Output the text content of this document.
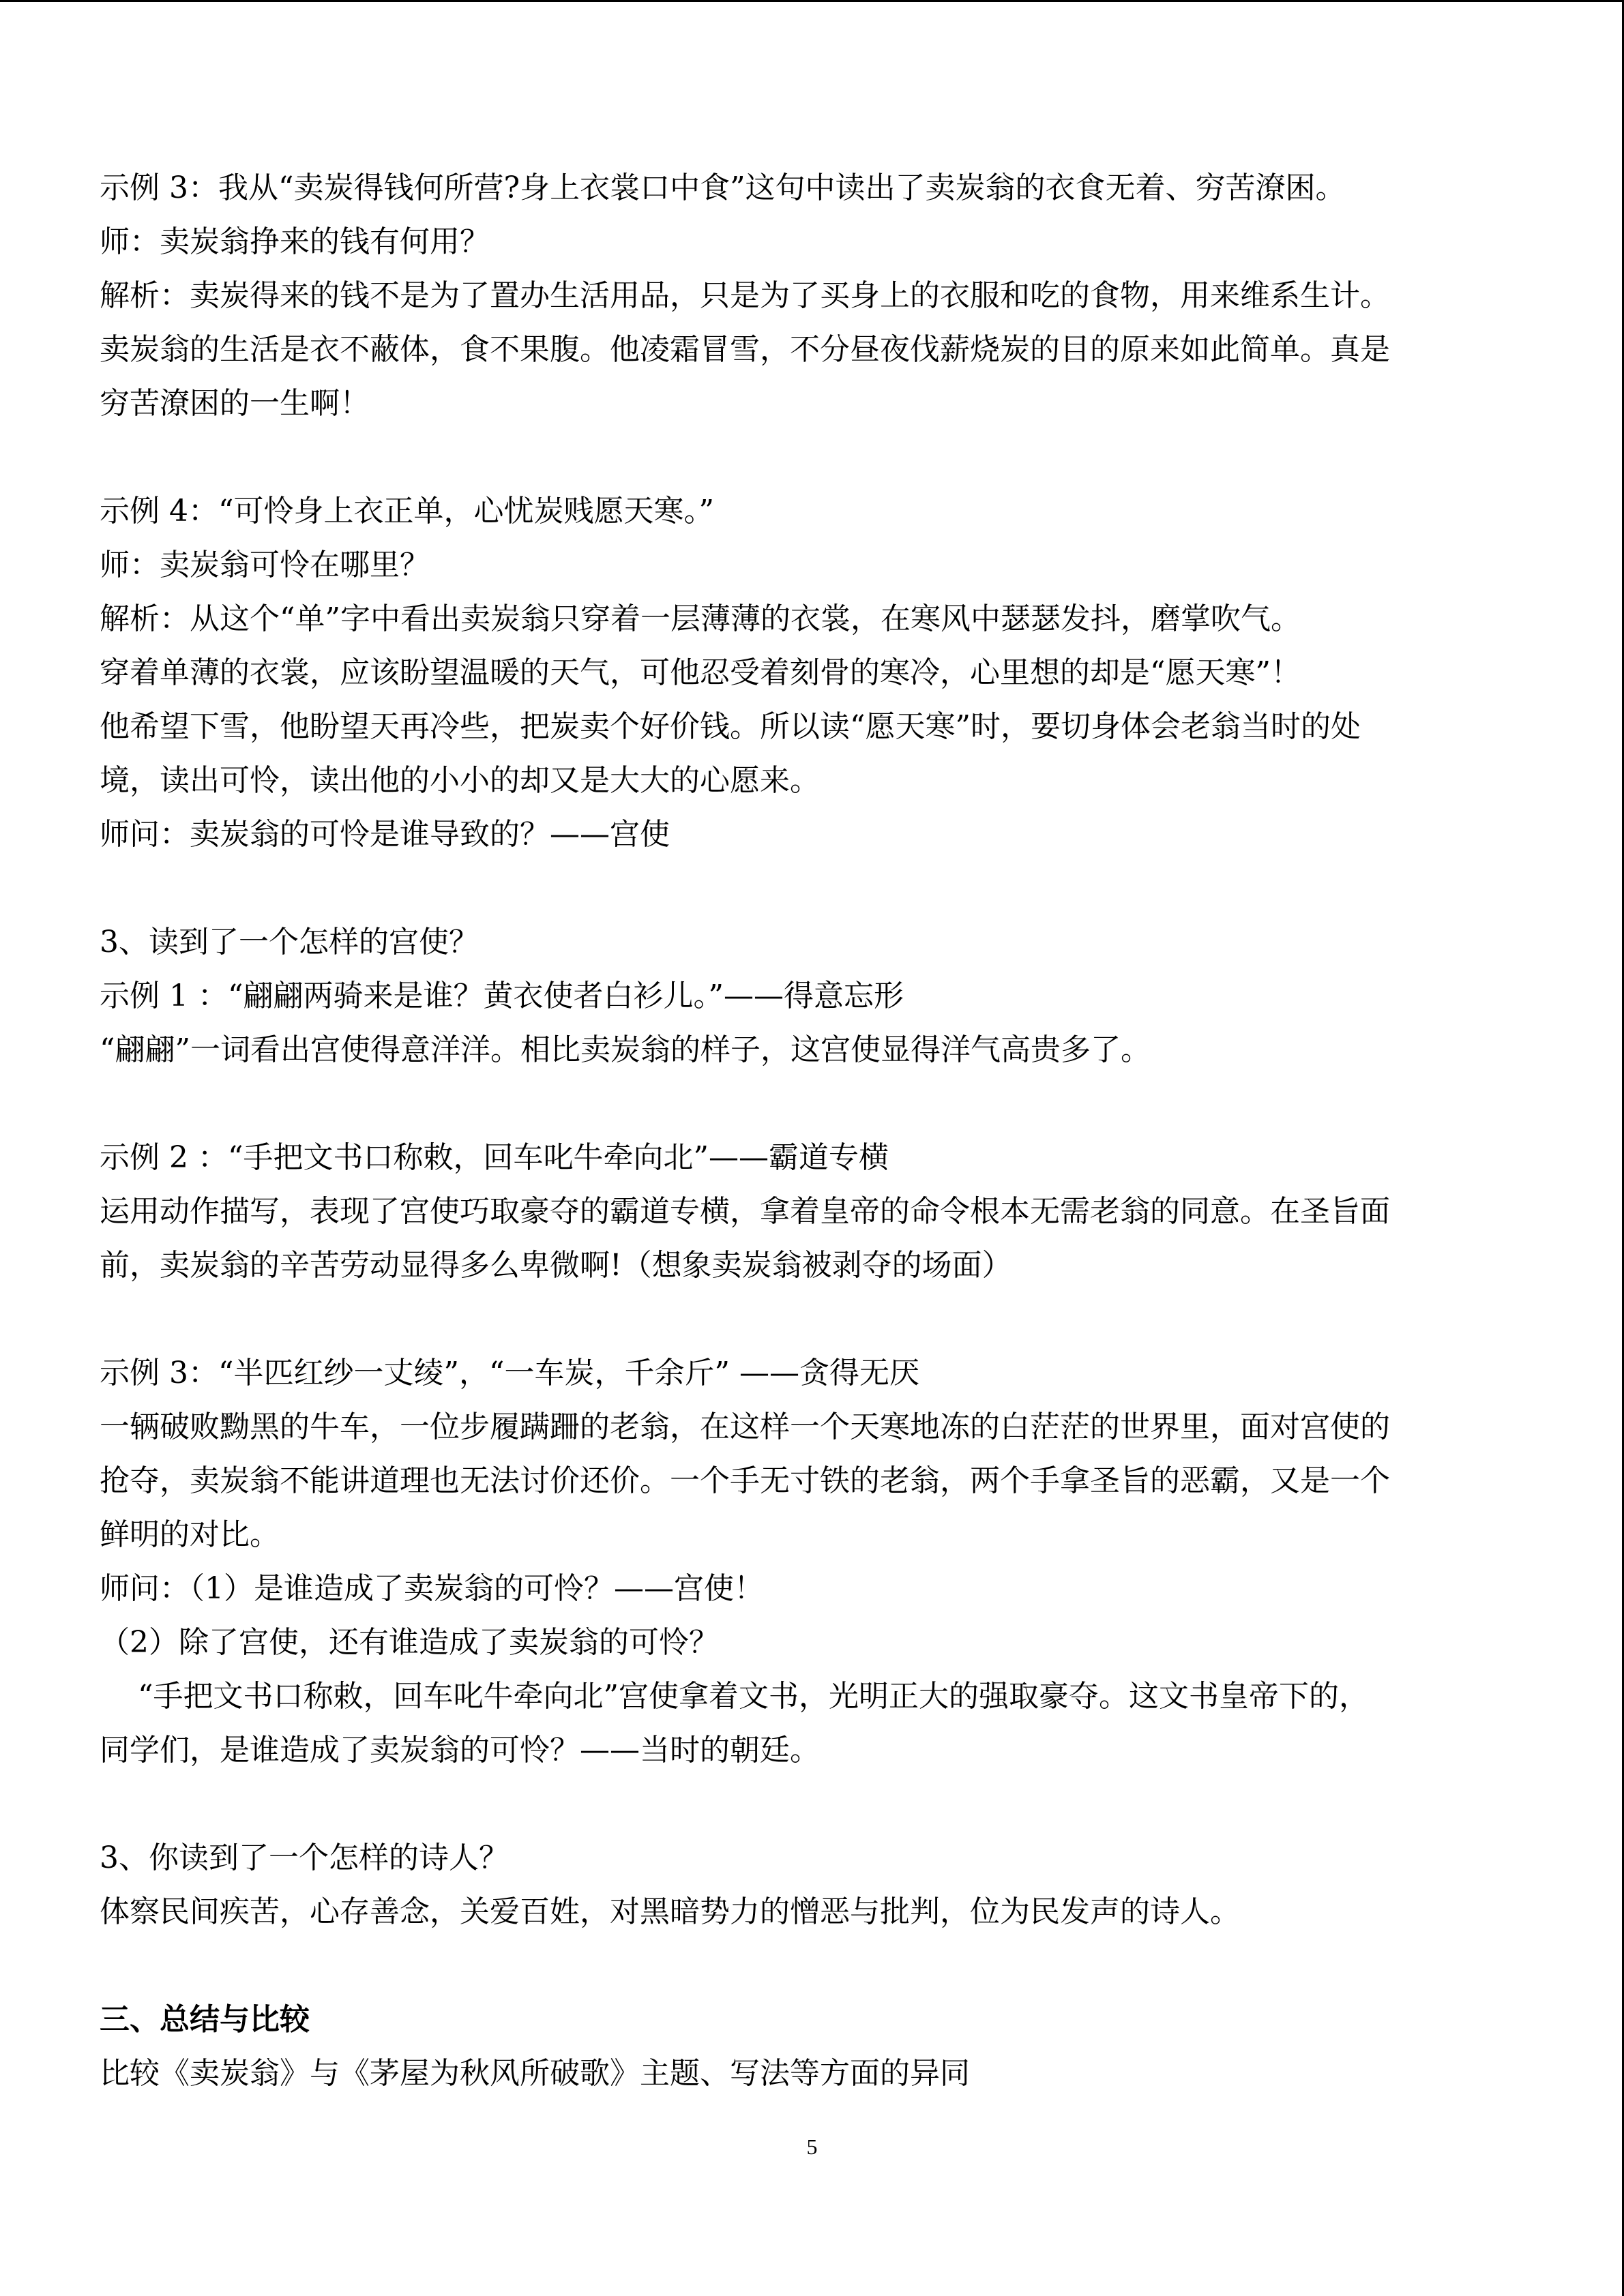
示例 3：我从“卖炭得钱何所营?身上衣裳口中食”这句中读出了卖炭翁的衣食无着、穷苦潦困。

师：卖炭翁挣来的钱有何用？

解析：卖炭得来的钱不是为了置办生活用品，只是为了买身上的衣服和吃的食物，用来维系生计。

卖炭翁的生活是衣不蔽体，食不果腹。他凌霜冒雪，不分昼夜伐薪烧炭的目的原来如此简单。真是

穷苦潦困的一生啊！

示例 4：“可怜身上衣正单，心忧炭贱愿天寒。”

师：卖炭翁可怜在哪里？

解析：从这个“单”字中看出卖炭翁只穿着一层薄薄的衣裳，在寒风中瑟瑟发抖，磨掌吹气。

穿着单薄的衣裳，应该盼望温暖的天气，可他忍受着刻骨的寒冷，心里想的却是“愿天寒”！

他希望下雪，他盼望天再冷些，把炭卖个好价钱。所以读“愿天寒”时，要切身体会老翁当时的处

境，读出可怜，读出他的小小的却又是大大的心愿来。

师问：卖炭翁的可怜是谁导致的？——宫使

3、读到了一个怎样的宫使？

示例 1 ：“翩翩两骑来是谁？黄衣使者白衫儿。”——得意忘形

“翩翩”一词看出宫使得意洋洋。相比卖炭翁的样子，这宫使显得洋气高贵多了。

示例 2 ：“手把文书口称敕，回车叱牛牵向北”——霸道专横

运用动作描写，表现了宫使巧取豪夺的霸道专横，拿着皇帝的命令根本无需老翁的同意。在圣旨面

前，卖炭翁的辛苦劳动显得多么卑微啊!（想象卖炭翁被剥夺的场面）

示例 3：“半匹红纱一丈绫”，“一车炭，千余斤” ——贪得无厌

一辆破败黝黑的牛车，一位步履蹒跚的老翁，在这样一个天寒地冻的白茫茫的世界里，面对宫使的

抢夺，卖炭翁不能讲道理也无法讨价还价。一个手无寸铁的老翁，两个手拿圣旨的恶霸，又是一个

鲜明的对比。

师问：（1）是谁造成了卖炭翁的可怜？——宫使！

（2）除了宫使，还有谁造成了卖炭翁的可怜？

“手把文书口称敕，回车叱牛牵向北”宫使拿着文书，光明正大的强取豪夺。这文书皇帝下的，

同学们，是谁造成了卖炭翁的可怜？——当时的朝廷。

3、你读到了一个怎样的诗人？

体察民间疾苦，心存善念，关爱百姓，对黑暗势力的憎恶与批判，位为民发声的诗人。

三、总结与比较

比较《卖炭翁》与《茅屋为秋风所破歌》主题、写法等方面的异同

5
